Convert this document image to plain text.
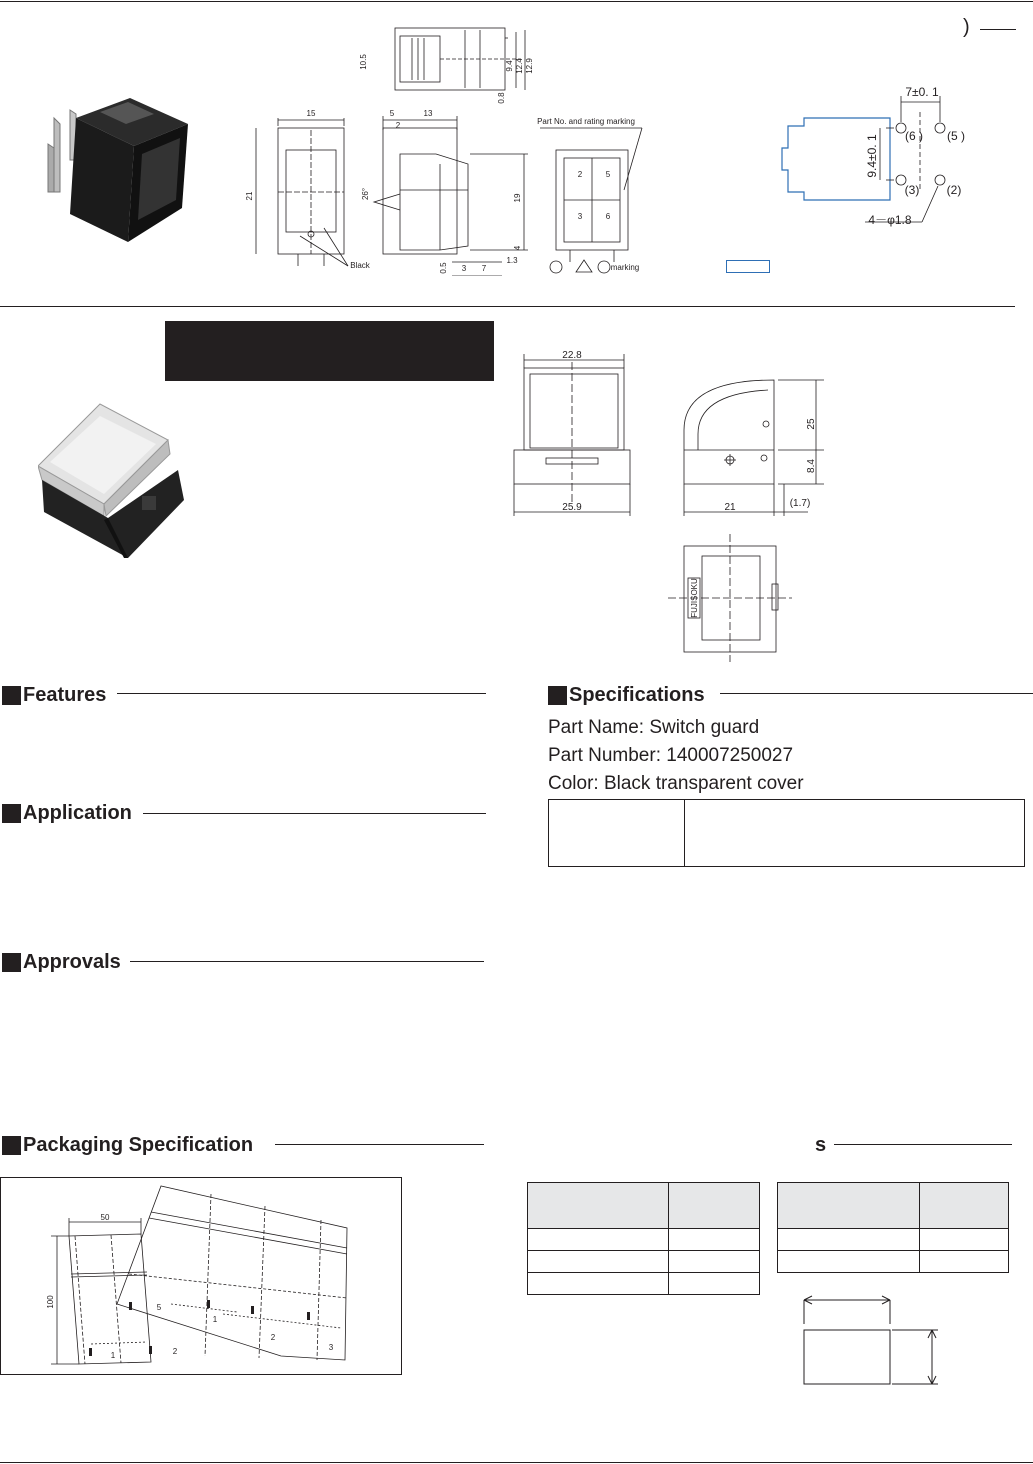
)
10.5	9.4 12.4 12.9
0.8
15
21
5	13
2
26°	19
4
0.5 3 7
1.3
Black
Part No. and rating marking
2	5
3	6
marking
7±0. 1
9.4±0. 1
4－φ1.8
(6 ) (5 )
(3) (2)
22.8
25.9	21
25
8.4
(1.7)
FUJISOKU
Features
Application
Approvals
Packaging Specification
Specifications
Part Name: Switch guard
Part Number: 140007250027
Color: Black transparent cover

s
50
100
1	2
5
1
2
3
